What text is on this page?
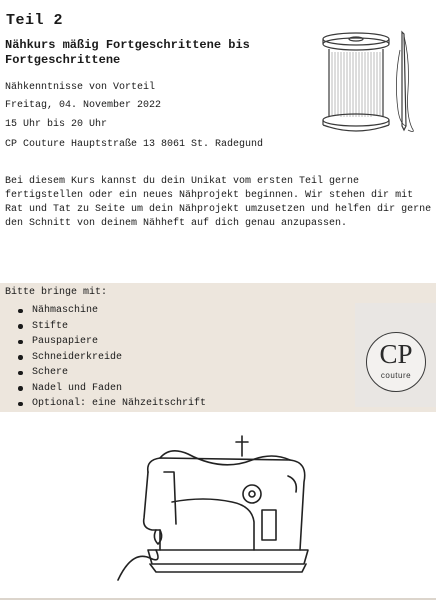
Teil 2
Nähkurs mäßig Fortgeschrittene bis Fortgeschrittene

Nähkenntnisse von Vorteil

Freitag, 04. November 2022

15 Uhr bis 20 Uhr

CP Couture Hauptstraße 13 8061 St. Radegund

Bei diesem Kurs kannst du dein Unikat vom ersten Teil gerne fertigstellen oder ein neues Nähprojekt beginnen. Wir stehen dir mit Rat und Tat zu Seite um dein Nähprojekt umzusetzen und helfen dir gerne den Schnitt von deinem Nähheft auf dich genau anzupassen.

Bitte bringe mit:

Nähmaschine
Stifte
Pauspapiere
Schneiderkreide
Schere
Nadel und Faden
Optional: eine Nähzeitschrift
CP
couture
